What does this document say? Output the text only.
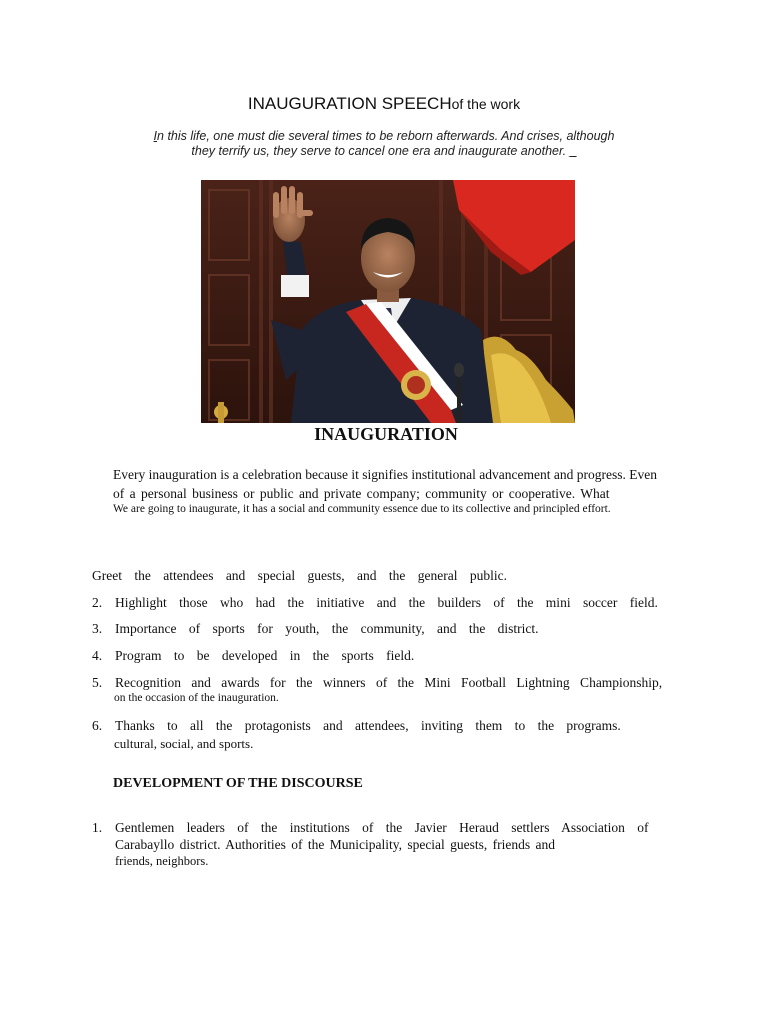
INAUGURATION SPEECHof the work
In this life, one must die several times to be reborn afterwards. And crises, although
they terrify us, they serve to cancel one era and inaugurate another. _
INAUGURATION
Every inauguration is a celebration because it signifies institutional advancement and progress. Even
of a personal business or public and private company; community or cooperative. What
We are going to inaugurate, it has a social and community essence due to its collective and principled effort.
Greet the attendees and special guests, and the general public.
2. Highlight those who had the initiative and the builders of the mini soccer field.
3. Importance of sports for youth, the community, and the district.
4. Program to be developed in the sports field.
5. Recognition and awards for the winners of the Mini Football Lightning Championship,
on the occasion of the inauguration.
6. Thanks to all the protagonists and attendees, inviting them to the programs.
cultural, social, and sports.
DEVELOPMENT OF THE DISCOURSE
1. Gentlemen leaders of the institutions of the Javier Heraud settlers Association of
Carabayllo district. Authorities of the Municipality, special guests, friends and
friends, neighbors.
